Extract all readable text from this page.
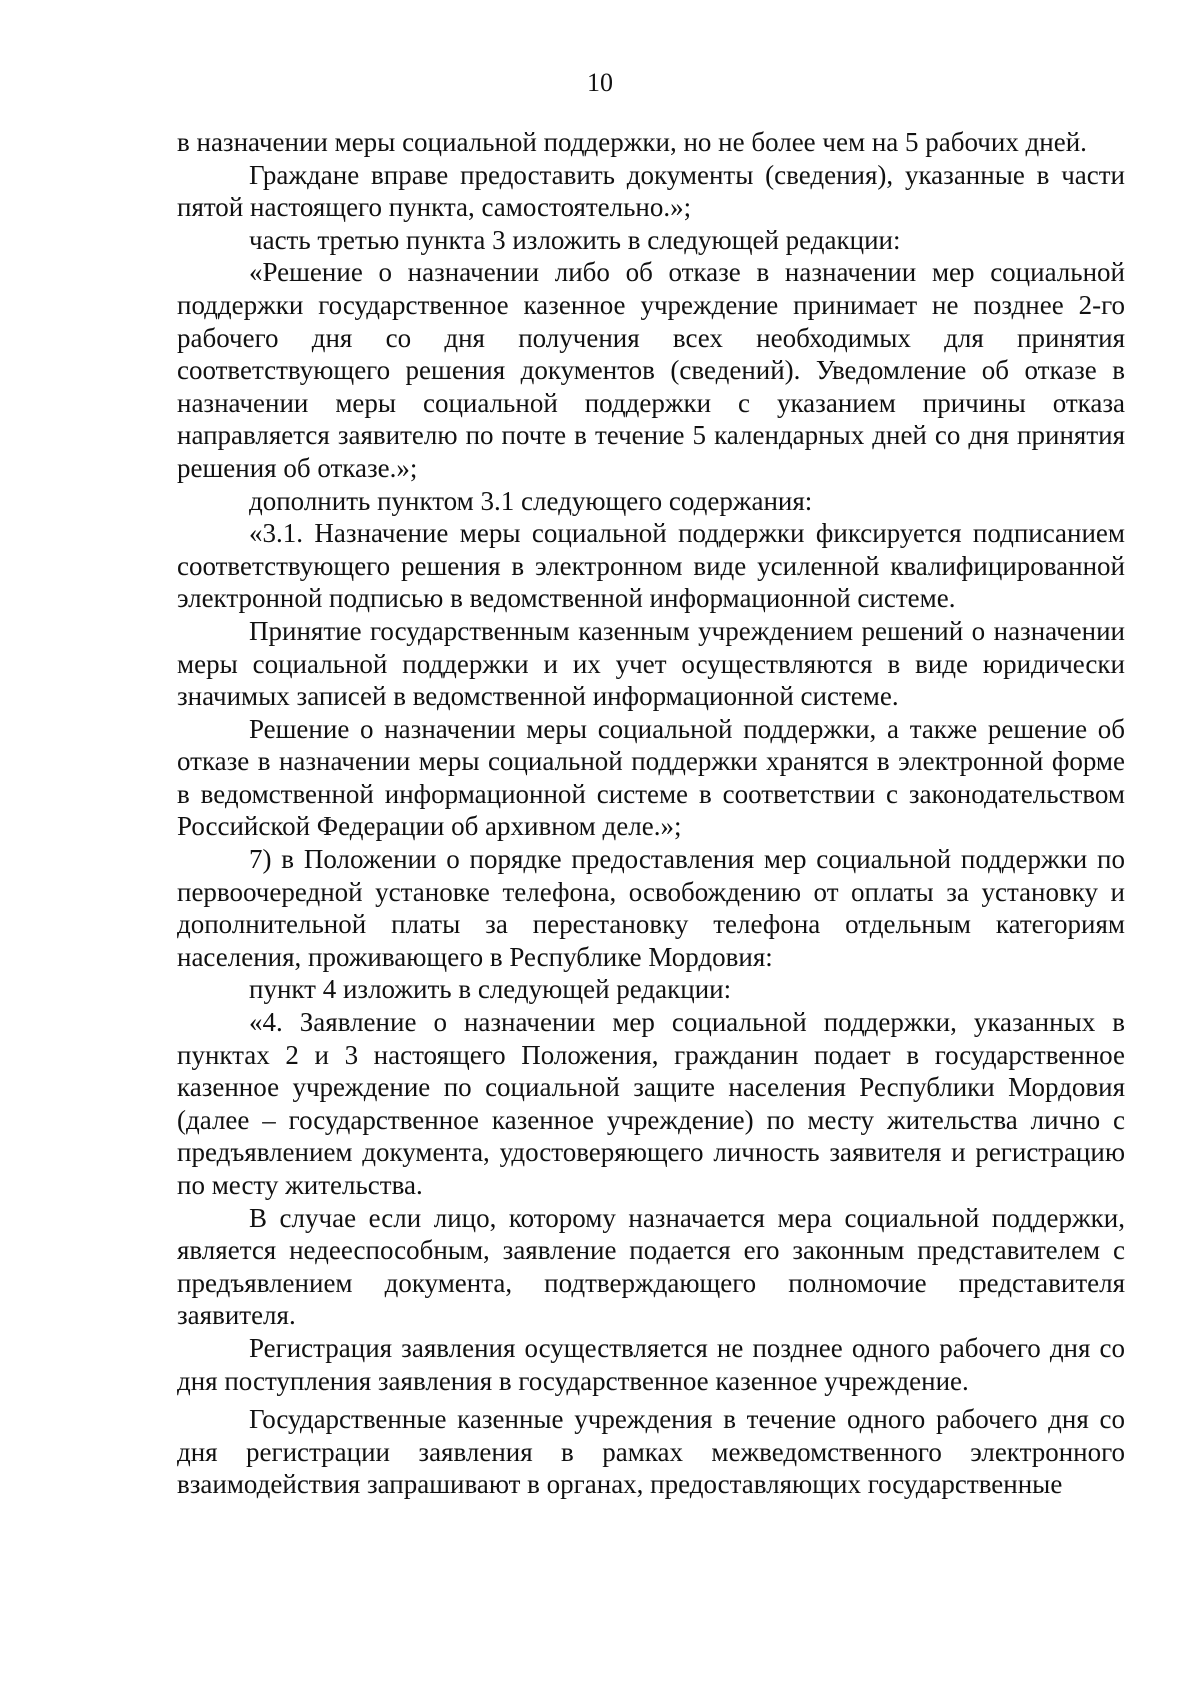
10

в назначении меры социальной поддержки, но не более чем на 5 рабочих дней.

Граждане вправе предоставить документы (сведения), указанные в части пятой настоящего пункта, самостоятельно.»;

часть третью пункта 3 изложить в следующей редакции:

«Решение о назначении либо об отказе в назначении мер социальной поддержки государственное казенное учреждение принимает не позднее 2-го рабочего дня со дня получения всех необходимых для принятия соответствующего решения документов (сведений). Уведомление об отказе в назначении меры социальной поддержки с указанием причины отказа направляется заявителю по почте в течение 5 календарных дней со дня принятия решения об отказе.»;

дополнить пунктом 3.1 следующего содержания:

«3.1. Назначение меры социальной поддержки фиксируется подписанием соответствующего решения в электронном виде усиленной квалифицированной электронной подписью в ведомственной информационной системе.

Принятие государственным казенным учреждением решений о назначении меры социальной поддержки и их учет осуществляются в виде юридически значимых записей в ведомственной информационной системе.

Решение о назначении меры социальной поддержки, а также решение об отказе в назначении меры социальной поддержки хранятся в электронной форме в ведомственной информационной системе в соответствии с законодательством Российской Федерации об архивном деле.»;

7) в Положении о порядке предоставления мер социальной поддержки по первоочередной установке телефона, освобождению от оплаты за установку и дополнительной платы за перестановку телефона отдельным категориям населения, проживающего в Республике Мордовия:

пункт 4 изложить в следующей редакции:

«4. Заявление о назначении мер социальной поддержки, указанных в пунктах 2 и 3 настоящего Положения, гражданин подает в государственное казенное учреждение по социальной защите населения Республики Мордовия (далее – государственное казенное учреждение) по месту жительства лично с предъявлением документа, удостоверяющего личность заявителя и регистрацию по месту жительства.

В случае если лицо, которому назначается мера социальной поддержки, является недееспособным, заявление подается его законным представителем с предъявлением документа, подтверждающего полномочие представителя заявителя.

Регистрация заявления осуществляется не позднее одного рабочего дня со дня поступления заявления в государственное казенное учреждение.

Государственные казенные учреждения в течение одного рабочего дня со дня регистрации заявления в рамках межведомственного электронного взаимодействия запрашивают в органах, предоставляющих государственные
